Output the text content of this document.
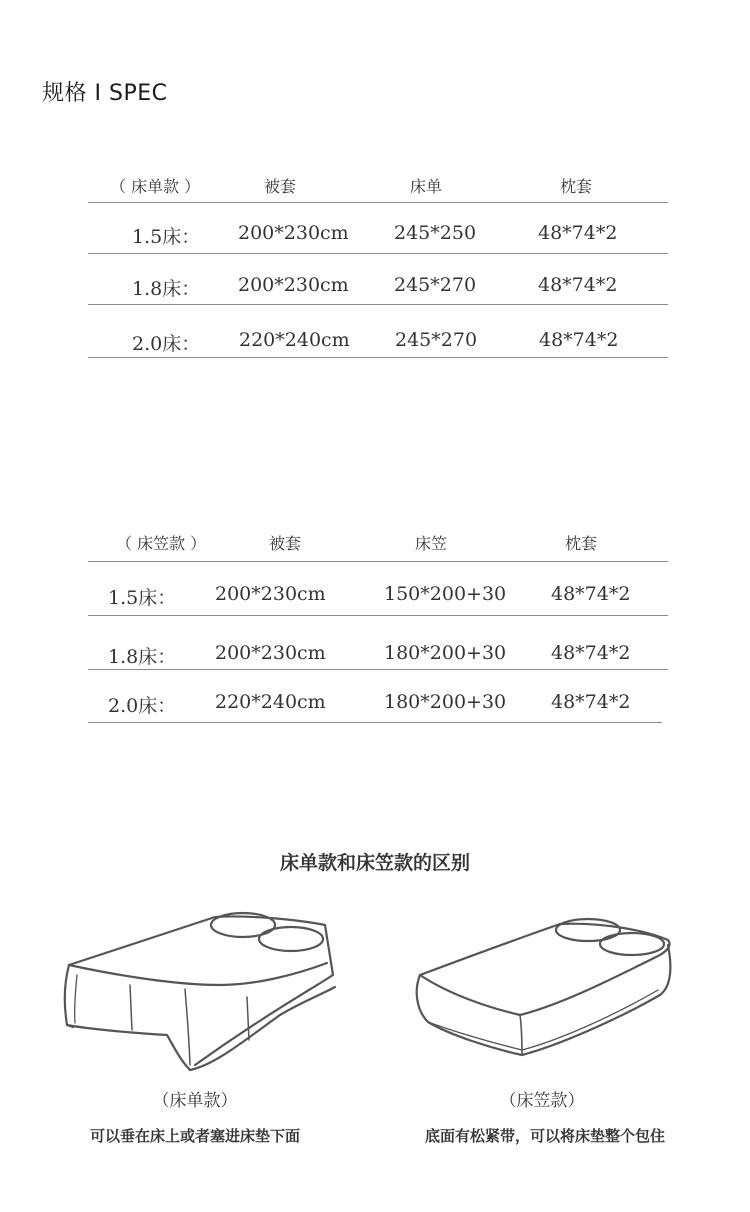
规格 I SPEC
（ 床单款 ）	被套	床单	枕套
1.5床： 200*230cm 245*250	48*74*2
1.8床： 200*230cm 245*270	48*74*2
2.0床： 220*240cm 245*270	48*74*2
（ 床笠款 ）	被套	床笠	枕套
1.5床： 200*230cm	150*200+30 48*74*2
1.8床： 200*230cm	180*200+30 48*74*2
2.0床： 220*240cm	180*200+30 48*74*2
床单款和床笠款的区别
（床单款）
可以垂在床上或者塞进床垫下面
（床笠款）
底面有松紧带，可以将床垫整个包住
